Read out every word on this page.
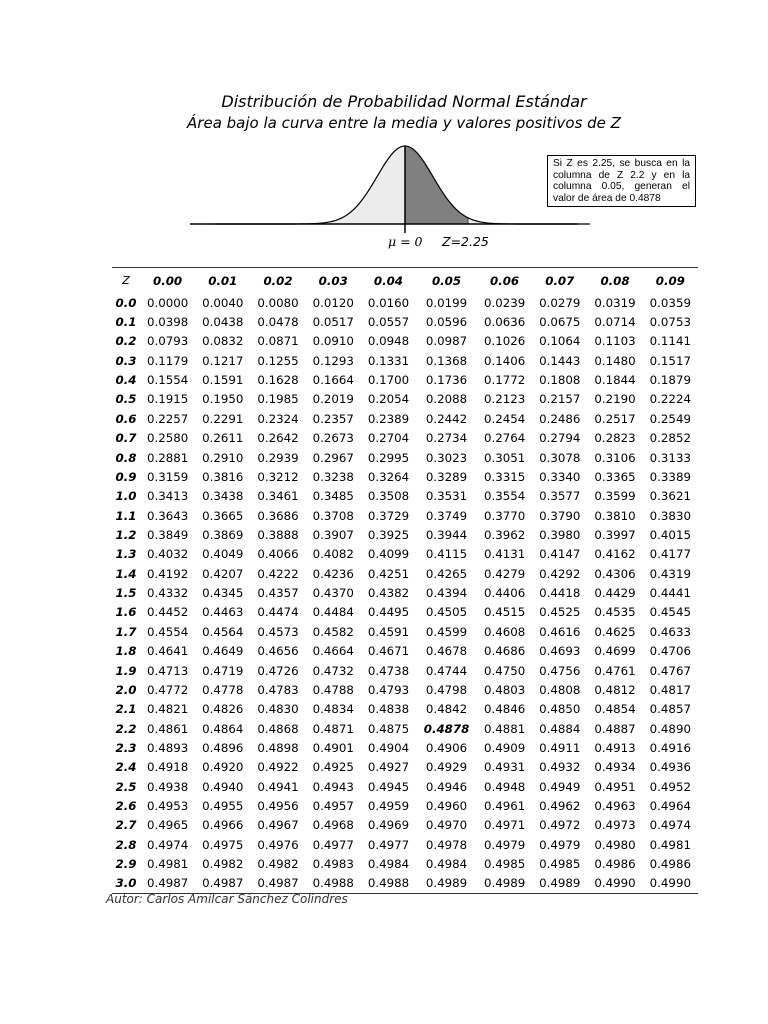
Distribución de Probabilidad Normal Estándar
Área bajo la curva entre la media y valores positivos de Z
Si Z es 2.25, se busca en la columna de Z 2.2 y en la columna 0.05, generan el valor de área de 0.4878
μ = 0 Z=2.25
Z	0.00	0.01	0.02	0.03	0.04	0.05	0.06	0.07	0.08	0.09
0.0	0.0000	0.0040	0.0080	0.0120	0.0160	0.0199	0.0239	0.0279	0.0319	0.0359
0.1	0.0398	0.0438	0.0478	0.0517	0.0557	0.0596	0.0636	0.0675	0.0714	0.0753
0.2	0.0793	0.0832	0.0871	0.0910	0.0948	0.0987	0.1026	0.1064	0.1103	0.1141
0.3	0.1179	0.1217	0.1255	0.1293	0.1331	0.1368	0.1406	0.1443	0.1480	0.1517
0.4	0.1554	0.1591	0.1628	0.1664	0.1700	0.1736	0.1772	0.1808	0.1844	0.1879
0.5	0.1915	0.1950	0.1985	0.2019	0.2054	0.2088	0.2123	0.2157	0.2190	0.2224
0.6	0.2257	0.2291	0.2324	0.2357	0.2389	0.2442	0.2454	0.2486	0.2517	0.2549
0.7	0.2580	0.2611	0.2642	0.2673	0.2704	0.2734	0.2764	0.2794	0.2823	0.2852
0.8	0.2881	0.2910	0.2939	0.2967	0.2995	0.3023	0.3051	0.3078	0.3106	0.3133
0.9	0.3159	0.3816	0.3212	0.3238	0.3264	0.3289	0.3315	0.3340	0.3365	0.3389
1.0	0.3413	0.3438	0.3461	0.3485	0.3508	0.3531	0.3554	0.3577	0.3599	0.3621
1.1	0.3643	0.3665	0.3686	0.3708	0.3729	0.3749	0.3770	0.3790	0.3810	0.3830
1.2	0.3849	0.3869	0.3888	0.3907	0.3925	0.3944	0.3962	0.3980	0.3997	0.4015
1.3	0.4032	0.4049	0.4066	0.4082	0.4099	0.4115	0.4131	0.4147	0.4162	0.4177
1.4	0.4192	0.4207	0.4222	0.4236	0.4251	0.4265	0.4279	0.4292	0.4306	0.4319
1.5	0.4332	0.4345	0.4357	0.4370	0.4382	0.4394	0.4406	0.4418	0.4429	0.4441
1.6	0.4452	0.4463	0.4474	0.4484	0.4495	0.4505	0.4515	0.4525	0.4535	0.4545
1.7	0.4554	0.4564	0.4573	0.4582	0.4591	0.4599	0.4608	0.4616	0.4625	0.4633
1.8	0.4641	0.4649	0.4656	0.4664	0.4671	0.4678	0.4686	0.4693	0.4699	0.4706
1.9	0.4713	0.4719	0.4726	0.4732	0.4738	0.4744	0.4750	0.4756	0.4761	0.4767
2.0	0.4772	0.4778	0.4783	0.4788	0.4793	0.4798	0.4803	0.4808	0.4812	0.4817
2.1	0.4821	0.4826	0.4830	0.4834	0.4838	0.4842	0.4846	0.4850	0.4854	0.4857
2.2	0.4861	0.4864	0.4868	0.4871	0.4875	0.4878	0.4881	0.4884	0.4887	0.4890
2.3	0.4893	0.4896	0.4898	0.4901	0.4904	0.4906	0.4909	0.4911	0.4913	0.4916
2.4	0.4918	0.4920	0.4922	0.4925	0.4927	0.4929	0.4931	0.4932	0.4934	0.4936
2.5	0.4938	0.4940	0.4941	0.4943	0.4945	0.4946	0.4948	0.4949	0.4951	0.4952
2.6	0.4953	0.4955	0.4956	0.4957	0.4959	0.4960	0.4961	0.4962	0.4963	0.4964
2.7	0.4965	0.4966	0.4967	0.4968	0.4969	0.4970	0.4971	0.4972	0.4973	0.4974
2.8	0.4974	0.4975	0.4976	0.4977	0.4977	0.4978	0.4979	0.4979	0.4980	0.4981
2.9	0.4981	0.4982	0.4982	0.4983	0.4984	0.4984	0.4985	0.4985	0.4986	0.4986
3.0	0.4987	0.4987	0.4987	0.4988	0.4988	0.4989	0.4989	0.4989	0.4990	0.4990
Autor: Carlos Amílcar Sánchez Colindres
